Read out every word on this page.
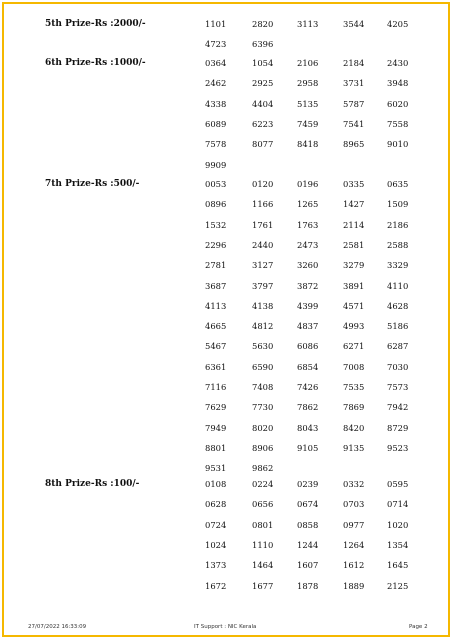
5th Prize-Rs :2000/-	1101	2820	3113	3544	4205
4723	6396
6th Prize-Rs :1000/-	0364	1054	2106	2184	2430
2462	2925	2958	3731	3948
4338	4404	5135	5787	6020
6089	6223	7459	7541	7558
7578	8077	8418	8965	9010
9909
7th Prize-Rs :500/-	0053	0120	0196	0335	0635
0896	1166	1265	1427	1509
1532	1761	1763	2114	2186
2296	2440	2473	2581	2588
2781	3127	3260	3279	3329
3687	3797	3872	3891	4110
4113	4138	4399	4571	4628
4665	4812	4837	4993	5186
5467	5630	6086	6271	6287
6361	6590	6854	7008	7030
7116	7408	7426	7535	7573
7629	7730	7862	7869	7942
7949	8020	8043	8420	8729
8801	8906	9105	9135	9523
9531	9862
8th Prize-Rs :100/-	0108	0224	0239	0332	0595
0628	0656	0674	0703	0714
0724	0801	0858	0977	1020
1024	1110	1244	1264	1354
1373	1464	1607	1612	1645
1672	1677	1878	1889	2125
27/07/2022 16:33:09	IT Support : NIC Kerala	Page 2
